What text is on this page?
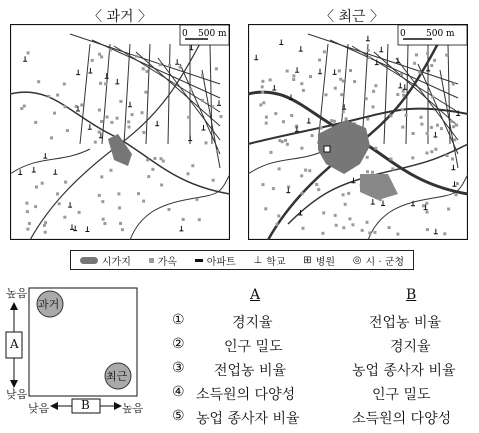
〈 과거 〉	〈 최근 〉
0 500 m	0 500 m
시가지	가옥	아파트 ⊥ 학교 ⊞ 병원 ◎ 시 · 군청
높음
낮음
A
낮음	높음
B
과거
최근
A	B
①	경지율	전업농 비율
②	인구 밀도	경지율
③ 전업농 비율	농업 종사자 비율
④ 소득원의 다양성	인구 밀도
⑤ 농업 종사자 비율	소득원의 다양성
